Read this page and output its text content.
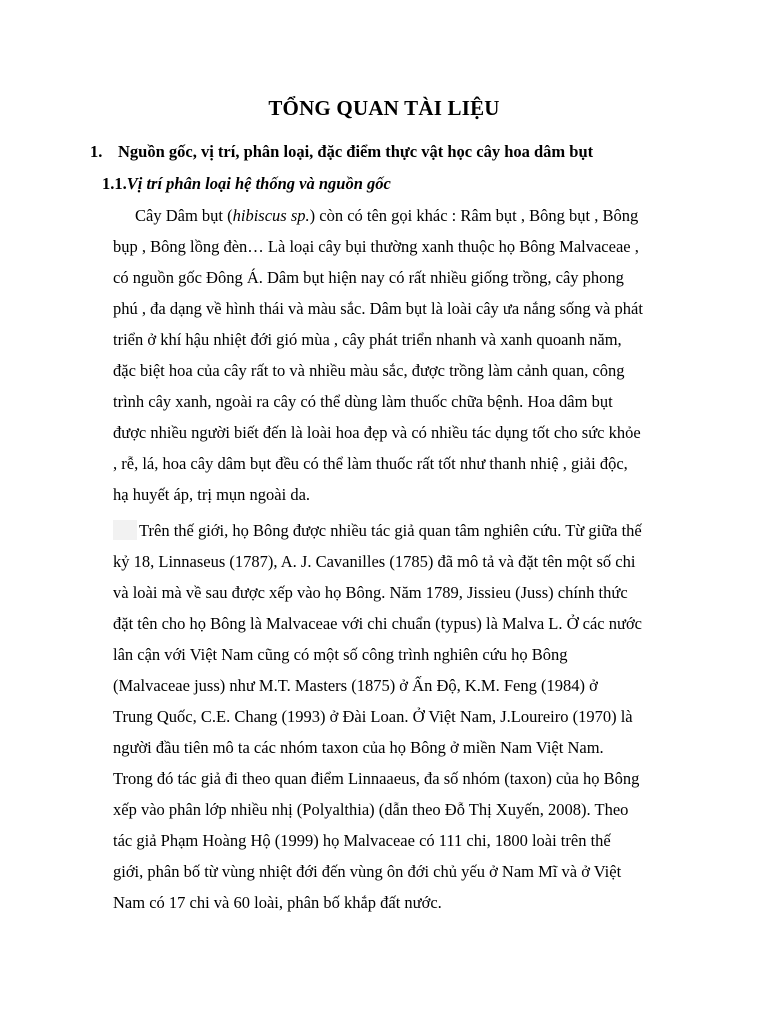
TỔNG QUAN TÀI LIỆU
1. Nguồn gốc, vị trí, phân loại, đặc điểm thực vật học cây hoa dâm bụt
1.1.Vị trí phân loại hệ thống và nguồn gốc
Cây Dâm bụt (hibiscus sp.) còn có tên gọi khác : Râm bụt , Bông bụt , Bông
bụp , Bông lồng đèn… Là loại cây bụi thường xanh thuộc họ Bông Malvaceae ,
có nguồn gốc Đông Á. Dâm bụt hiện nay có rất nhiều giống trồng, cây phong
phú , đa dạng về hình thái và màu sắc. Dâm bụt là loài cây ưa nắng sống và phát
triển ở khí hậu nhiệt đới gió mùa , cây phát triển nhanh và xanh quoanh năm,
đặc biệt hoa của cây rất to và nhiều màu sắc, được trồng làm cảnh quan, công
trình cây xanh, ngoài ra cây có thể dùng làm thuốc chữa bệnh. Hoa dâm bụt
được nhiều người biết đến là loài hoa đẹp và có nhiều tác dụng tốt cho sức khỏe
, rễ, lá, hoa cây dâm bụt đều có thể làm thuốc rất tốt như thanh nhiệ , giải độc,
hạ huyết áp, trị mụn ngoài da.
Trên thế giới, họ Bông được nhiều tác giả quan tâm nghiên cứu. Từ giữa thế
kỷ 18, Linnaseus (1787), A. J. Cavanilles (1785) đã mô tả và đặt tên một số chi
và loài mà về sau được xếp vào họ Bông. Năm 1789, Jissieu (Juss) chính thức
đặt tên cho họ Bông là Malvaceae với chi chuẩn (typus) là Malva L. Ở các nước
lân cận với Việt Nam cũng có một số công trình nghiên cứu họ Bông
(Malvaceae juss) như M.T. Masters (1875) ở Ấn Độ, K.M. Feng (1984) ở
Trung Quốc, C.E. Chang (1993) ở Đài Loan. Ở Việt Nam, J.Loureiro (1970) là
người đầu tiên mô ta các nhóm taxon của họ Bông ở miền Nam Việt Nam.
Trong đó tác giả đi theo quan điểm Linnaaeus, đa số nhóm (taxon) của họ Bông
xếp vào phân lớp nhiều nhị (Polyalthia) (dẫn theo Đỗ Thị Xuyến, 2008). Theo
tác giả Phạm Hoàng Hộ (1999) họ Malvaceae có 111 chi, 1800 loài trên thế
giới, phân bố từ vùng nhiệt đới đến vùng ôn đới chủ yếu ở Nam Mĩ và ở Việt
Nam có 17 chi và 60 loài, phân bố khắp đất nước.
